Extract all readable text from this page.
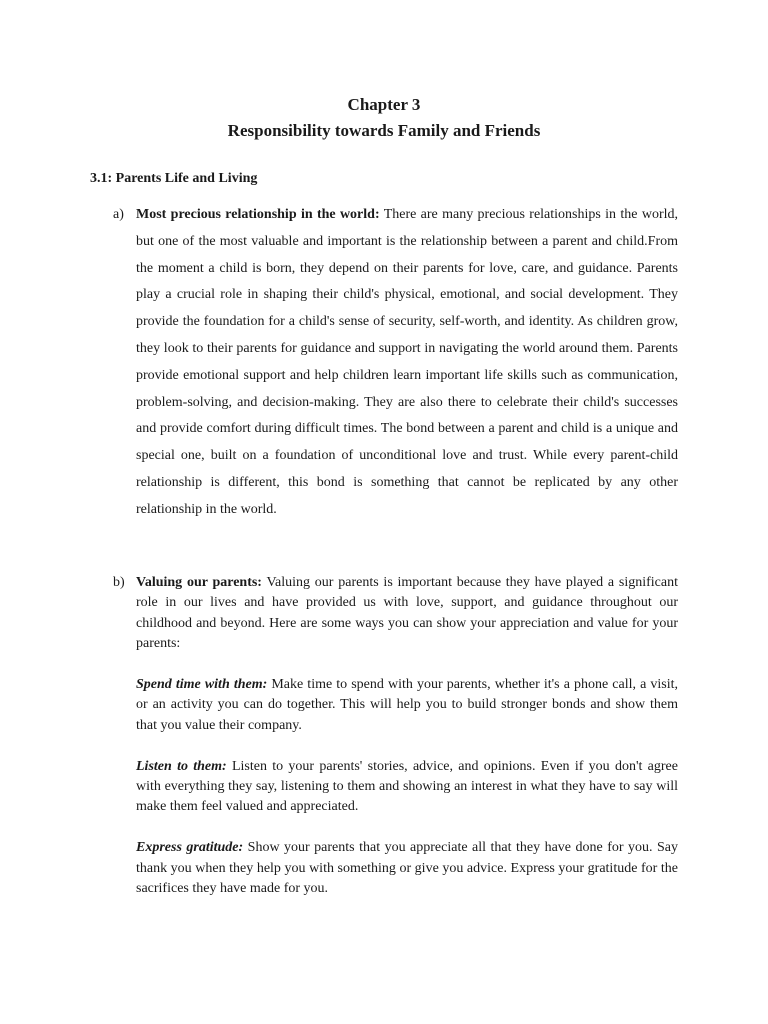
Chapter 3
Responsibility towards Family and Friends
3.1: Parents Life and Living
a) Most precious relationship in the world: There are many precious relationships in the world, but one of the most valuable and important is the relationship between a parent and child.From the moment a child is born, they depend on their parents for love, care, and guidance. Parents play a crucial role in shaping their child's physical, emotional, and social development. They provide the foundation for a child's sense of security, self-worth, and identity. As children grow, they look to their parents for guidance and support in navigating the world around them. Parents provide emotional support and help children learn important life skills such as communication, problem-solving, and decision-making. They are also there to celebrate their child's successes and provide comfort during difficult times. The bond between a parent and child is a unique and special one, built on a foundation of unconditional love and trust. While every parent-child relationship is different, this bond is something that cannot be replicated by any other relationship in the world.

b) Valuing our parents: Valuing our parents is important because they have played a significant role in our lives and have provided us with love, support, and guidance throughout our childhood and beyond. Here are some ways you can show your appreciation and value for your parents:

Spend time with them: Make time to spend with your parents, whether it's a phone call, a visit, or an activity you can do together. This will help you to build stronger bonds and show them that you value their company.

Listen to them: Listen to your parents' stories, advice, and opinions. Even if you don't agree with everything they say, listening to them and showing an interest in what they have to say will make them feel valued and appreciated.

Express gratitude: Show your parents that you appreciate all that they have done for you. Say thank you when they help you with something or give you advice. Express your gratitude for the sacrifices they have made for you.
